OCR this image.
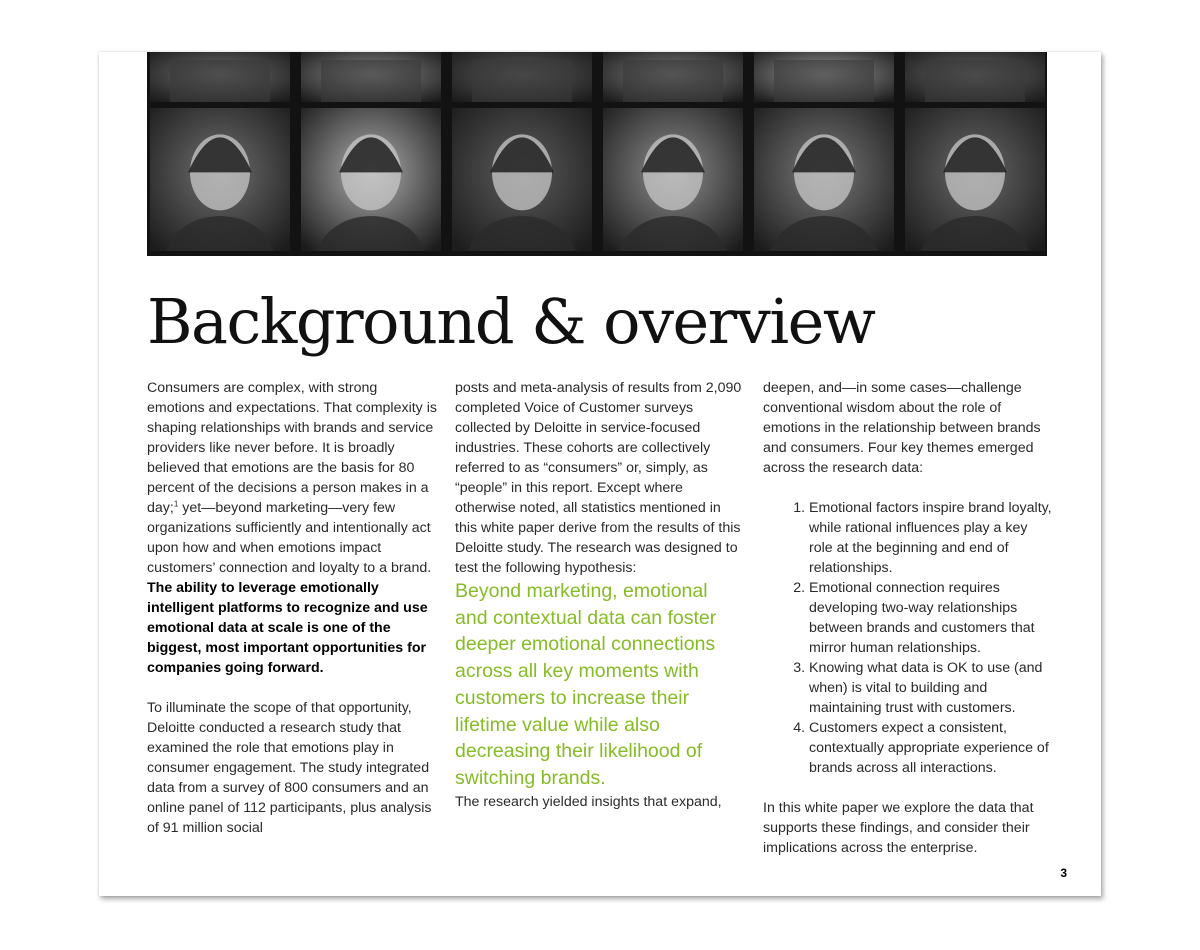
Background & overview

Consumers are complex, with strong emotions and expectations. That complexity is shaping relationships with brands and service providers like never before. It is broadly believed that emotions are the basis for 80 percent of the decisions a person makes in a day;$^1$ yet—beyond marketing—very few organizations sufficiently and intentionally act upon how and when emotions impact customers’ connection and loyalty to a brand. The ability to leverage emotionally intelligent platforms to recognize and use emotional data at scale is one of the biggest, most important opportunities for companies going forward.

To illuminate the scope of that opportunity, Deloitte conducted a research study that examined the role that emotions play in consumer engagement. The study integrated data from a survey of 800 consumers and an online panel of 112 participants, plus analysis of 91 million social

posts and meta-analysis of results from 2,090 completed Voice of Customer surveys collected by Deloitte in service-focused industries. These cohorts are collectively referred to as “consumers” or, simply, as “people” in this report. Except where otherwise noted, all statistics mentioned in this white paper derive from the results of this Deloitte study. The research was designed to test the following hypothesis:

Beyond marketing, emotional and contextual data can foster deeper emotional connections across all key moments with customers to increase their lifetime value while also decreasing their likelihood of switching brands.

The research yielded insights that expand,

deepen, and—in some cases—challenge conventional wisdom about the role of emotions in the relationship between brands and consumers. Four key themes emerged across the research data:

1. Emotional factors inspire brand loyalty, while rational influences play a key role at the beginning and end of relationships.
2. Emotional connection requires developing two-way relationships between brands and customers that mirror human relationships.
3. Knowing what data is OK to use (and when) is vital to building and maintaining trust with customers.
4. Customers expect a consistent, contextually appropriate experience of brands across all interactions.

In this white paper we explore the data that supports these findings, and consider their implications across the enterprise.

3
